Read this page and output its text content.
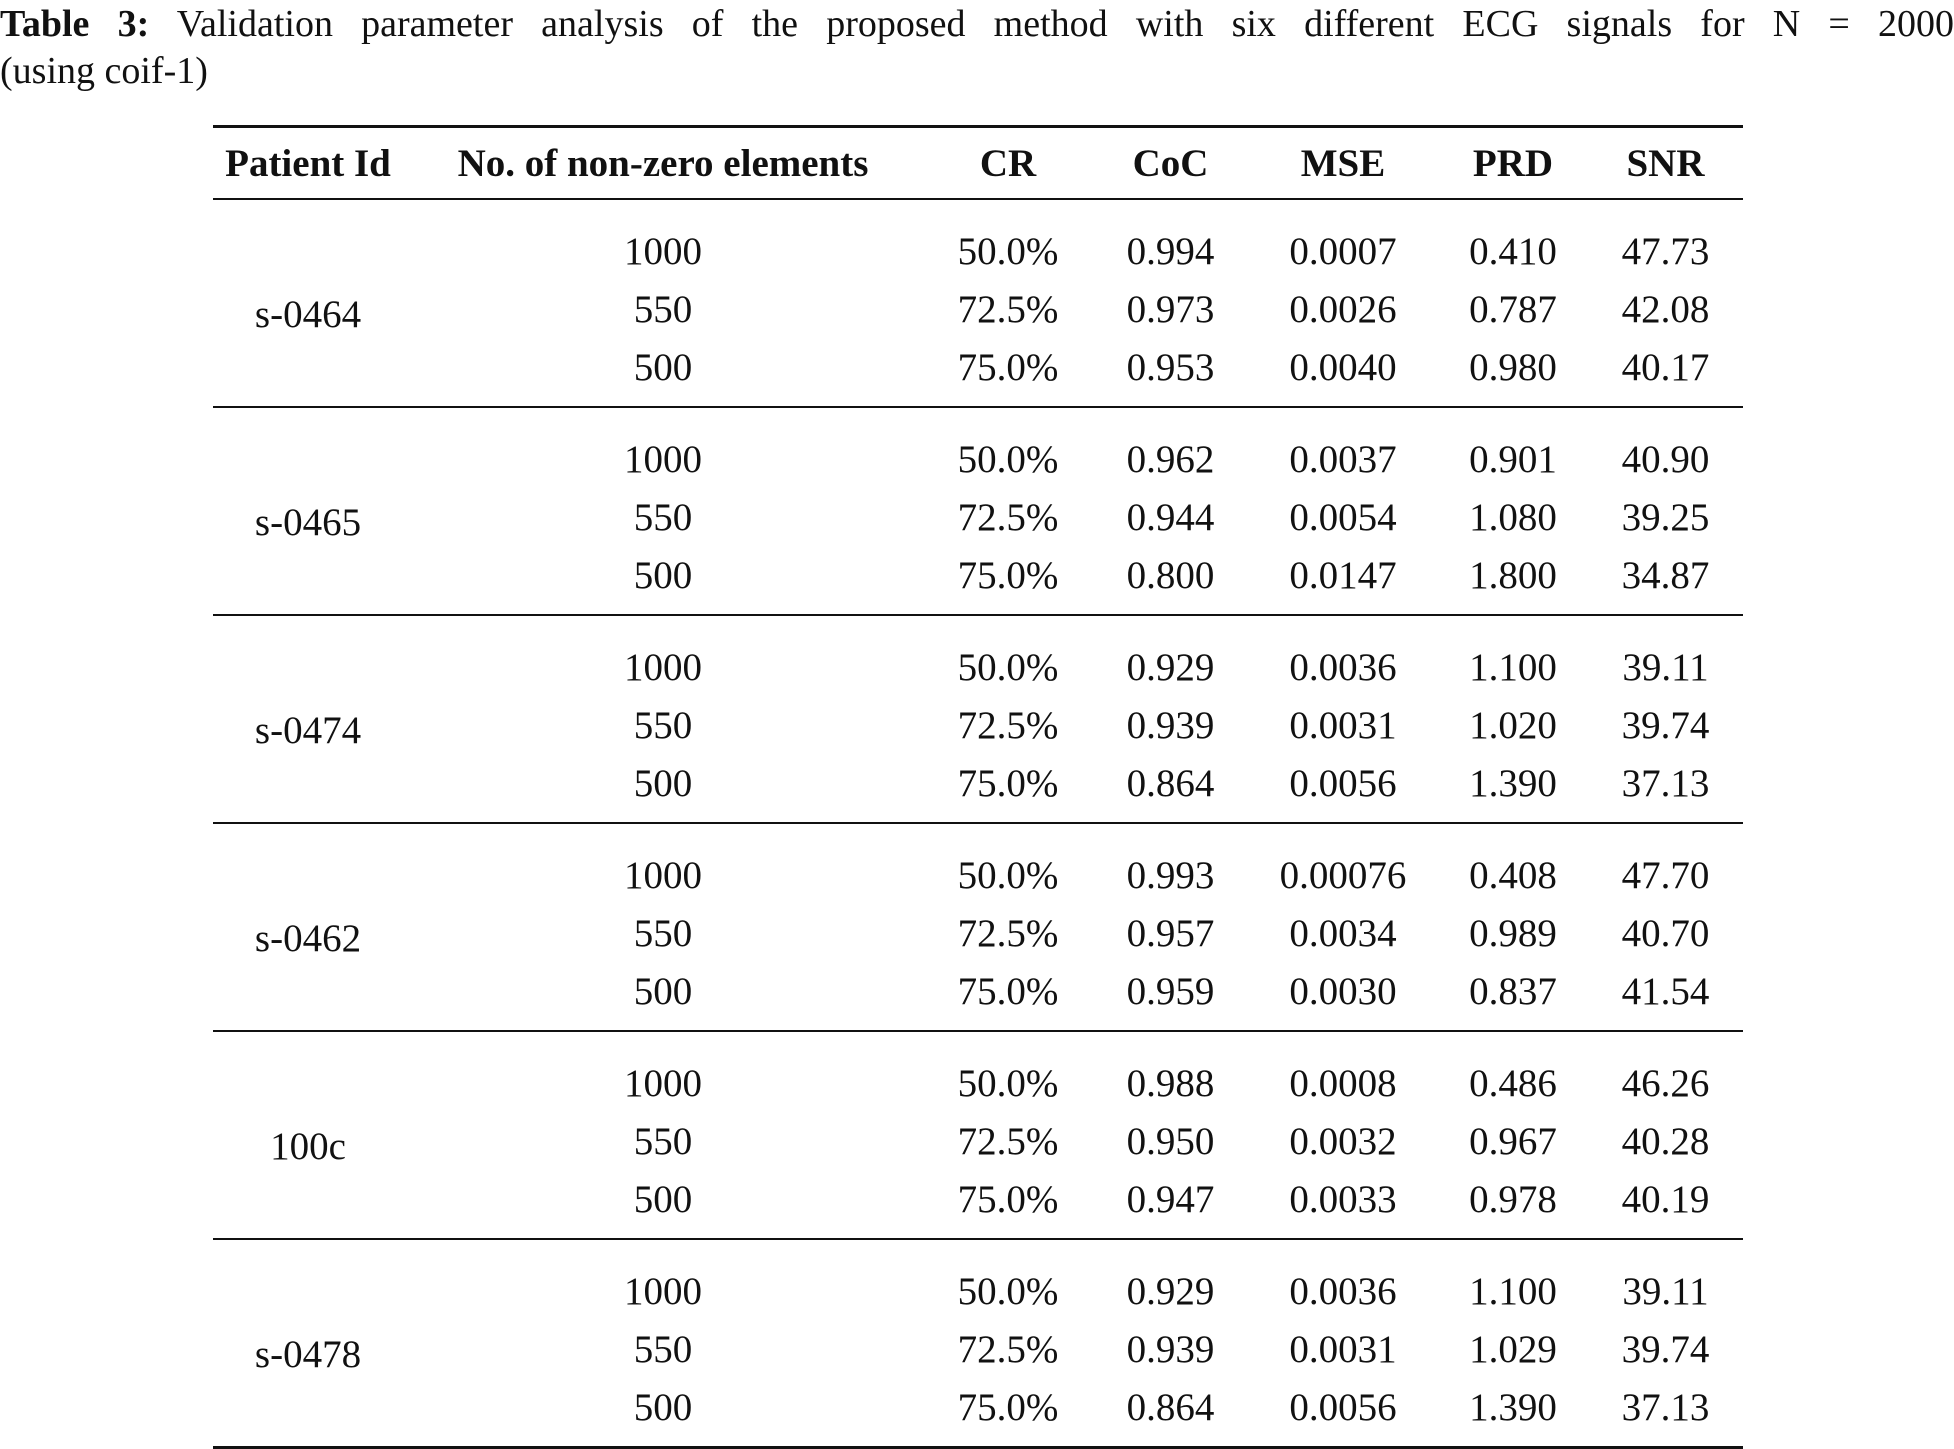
Table 3: Validation parameter analysis of the proposed method with six different ECG signals for N = 2000
(using coif-1)
Patient Id	No. of non-zero elements	CR	CoC	MSE	PRD	SNR
s-0464	1000	50.0%	0.994	0.0007	0.410	47.73
	550	72.5%	0.973	0.0026	0.787	42.08
	500	75.0%	0.953	0.0040	0.980	40.17
s-0465	1000	50.0%	0.962	0.0037	0.901	40.90
	550	72.5%	0.944	0.0054	1.080	39.25
	500	75.0%	0.800	0.0147	1.800	34.87
s-0474	1000	50.0%	0.929	0.0036	1.100	39.11
	550	72.5%	0.939	0.0031	1.020	39.74
	500	75.0%	0.864	0.0056	1.390	37.13
s-0462	1000	50.0%	0.993	0.00076	0.408	47.70
	550	72.5%	0.957	0.0034	0.989	40.70
	500	75.0%	0.959	0.0030	0.837	41.54
100c	1000	50.0%	0.988	0.0008	0.486	46.26
	550	72.5%	0.950	0.0032	0.967	40.28
	500	75.0%	0.947	0.0033	0.978	40.19
s-0478	1000	50.0%	0.929	0.0036	1.100	39.11
	550	72.5%	0.939	0.0031	1.029	39.74
	500	75.0%	0.864	0.0056	1.390	37.13
